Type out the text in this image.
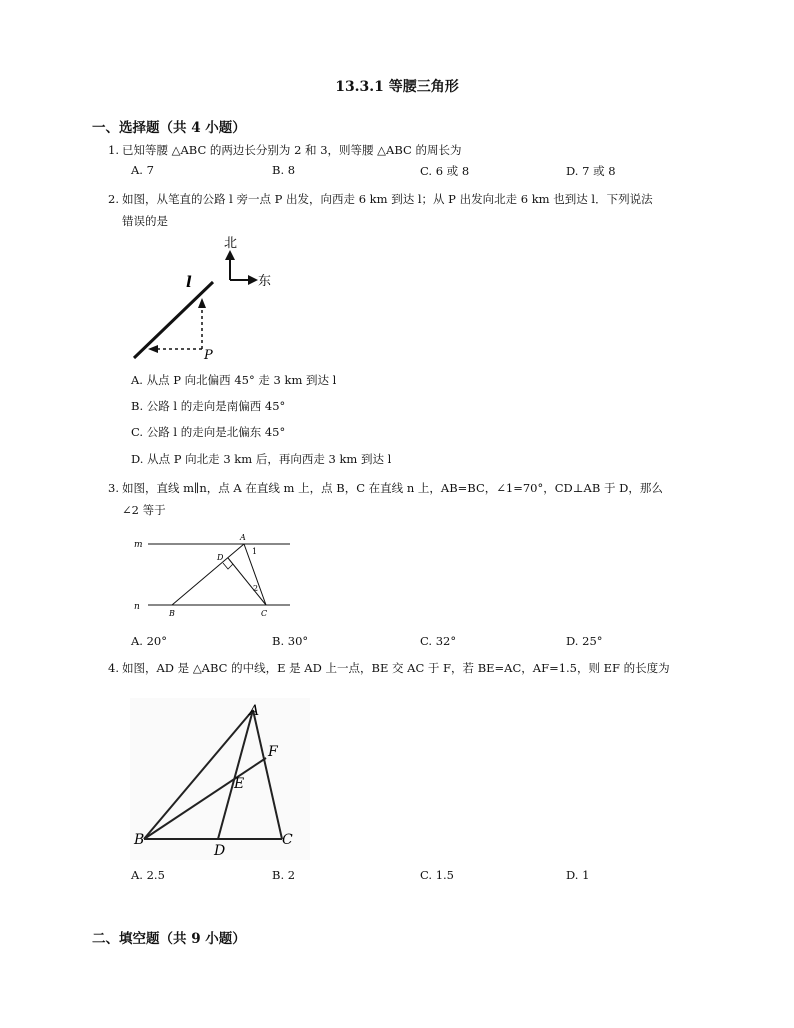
13.3.1 等腰三角形
一、选择题（共 4 小题）
1. 已知等腰 △ABC 的两边长分别为 2 和 3，则等腰 △ABC 的周长为
A. 7	B. 8	C. 6 或 8	D. 7 或 8
2. 如图，从笔直的公路 l 旁一点 P 出发，向西走 6 km 到达 l；从 P 出发向北走 6 km 也到达 l．下列说法
错误的是
北
东
l
P
A. 从点 P 向北偏西 45° 走 3 km 到达 l
B. 公路 l 的走向是南偏西 45°
C. 公路 l 的走向是北偏东 45°
D. 从点 P 向北走 3 km 后，再向西走 3 km 到达 l
3. 如图，直线 m∥n，点 A 在直线 m 上，点 B，C 在直线 n 上，AB=BC，∠1=70°，CD⊥AB 于 D，那么
∠2 等于
m
n
A
B	C
D
1
2
A. 20°	B. 30°	C. 32°	D. 25°
4. 如图，AD 是 △ABC 的中线，E 是 AD 上一点，BE 交 AC 于 F，若 BE=AC，AF=1.5，则 EF 的长度为
A
B	C
D
E
F
A. 2.5	B. 2	C. 1.5	D. 1
二、填空题（共 9 小题）
